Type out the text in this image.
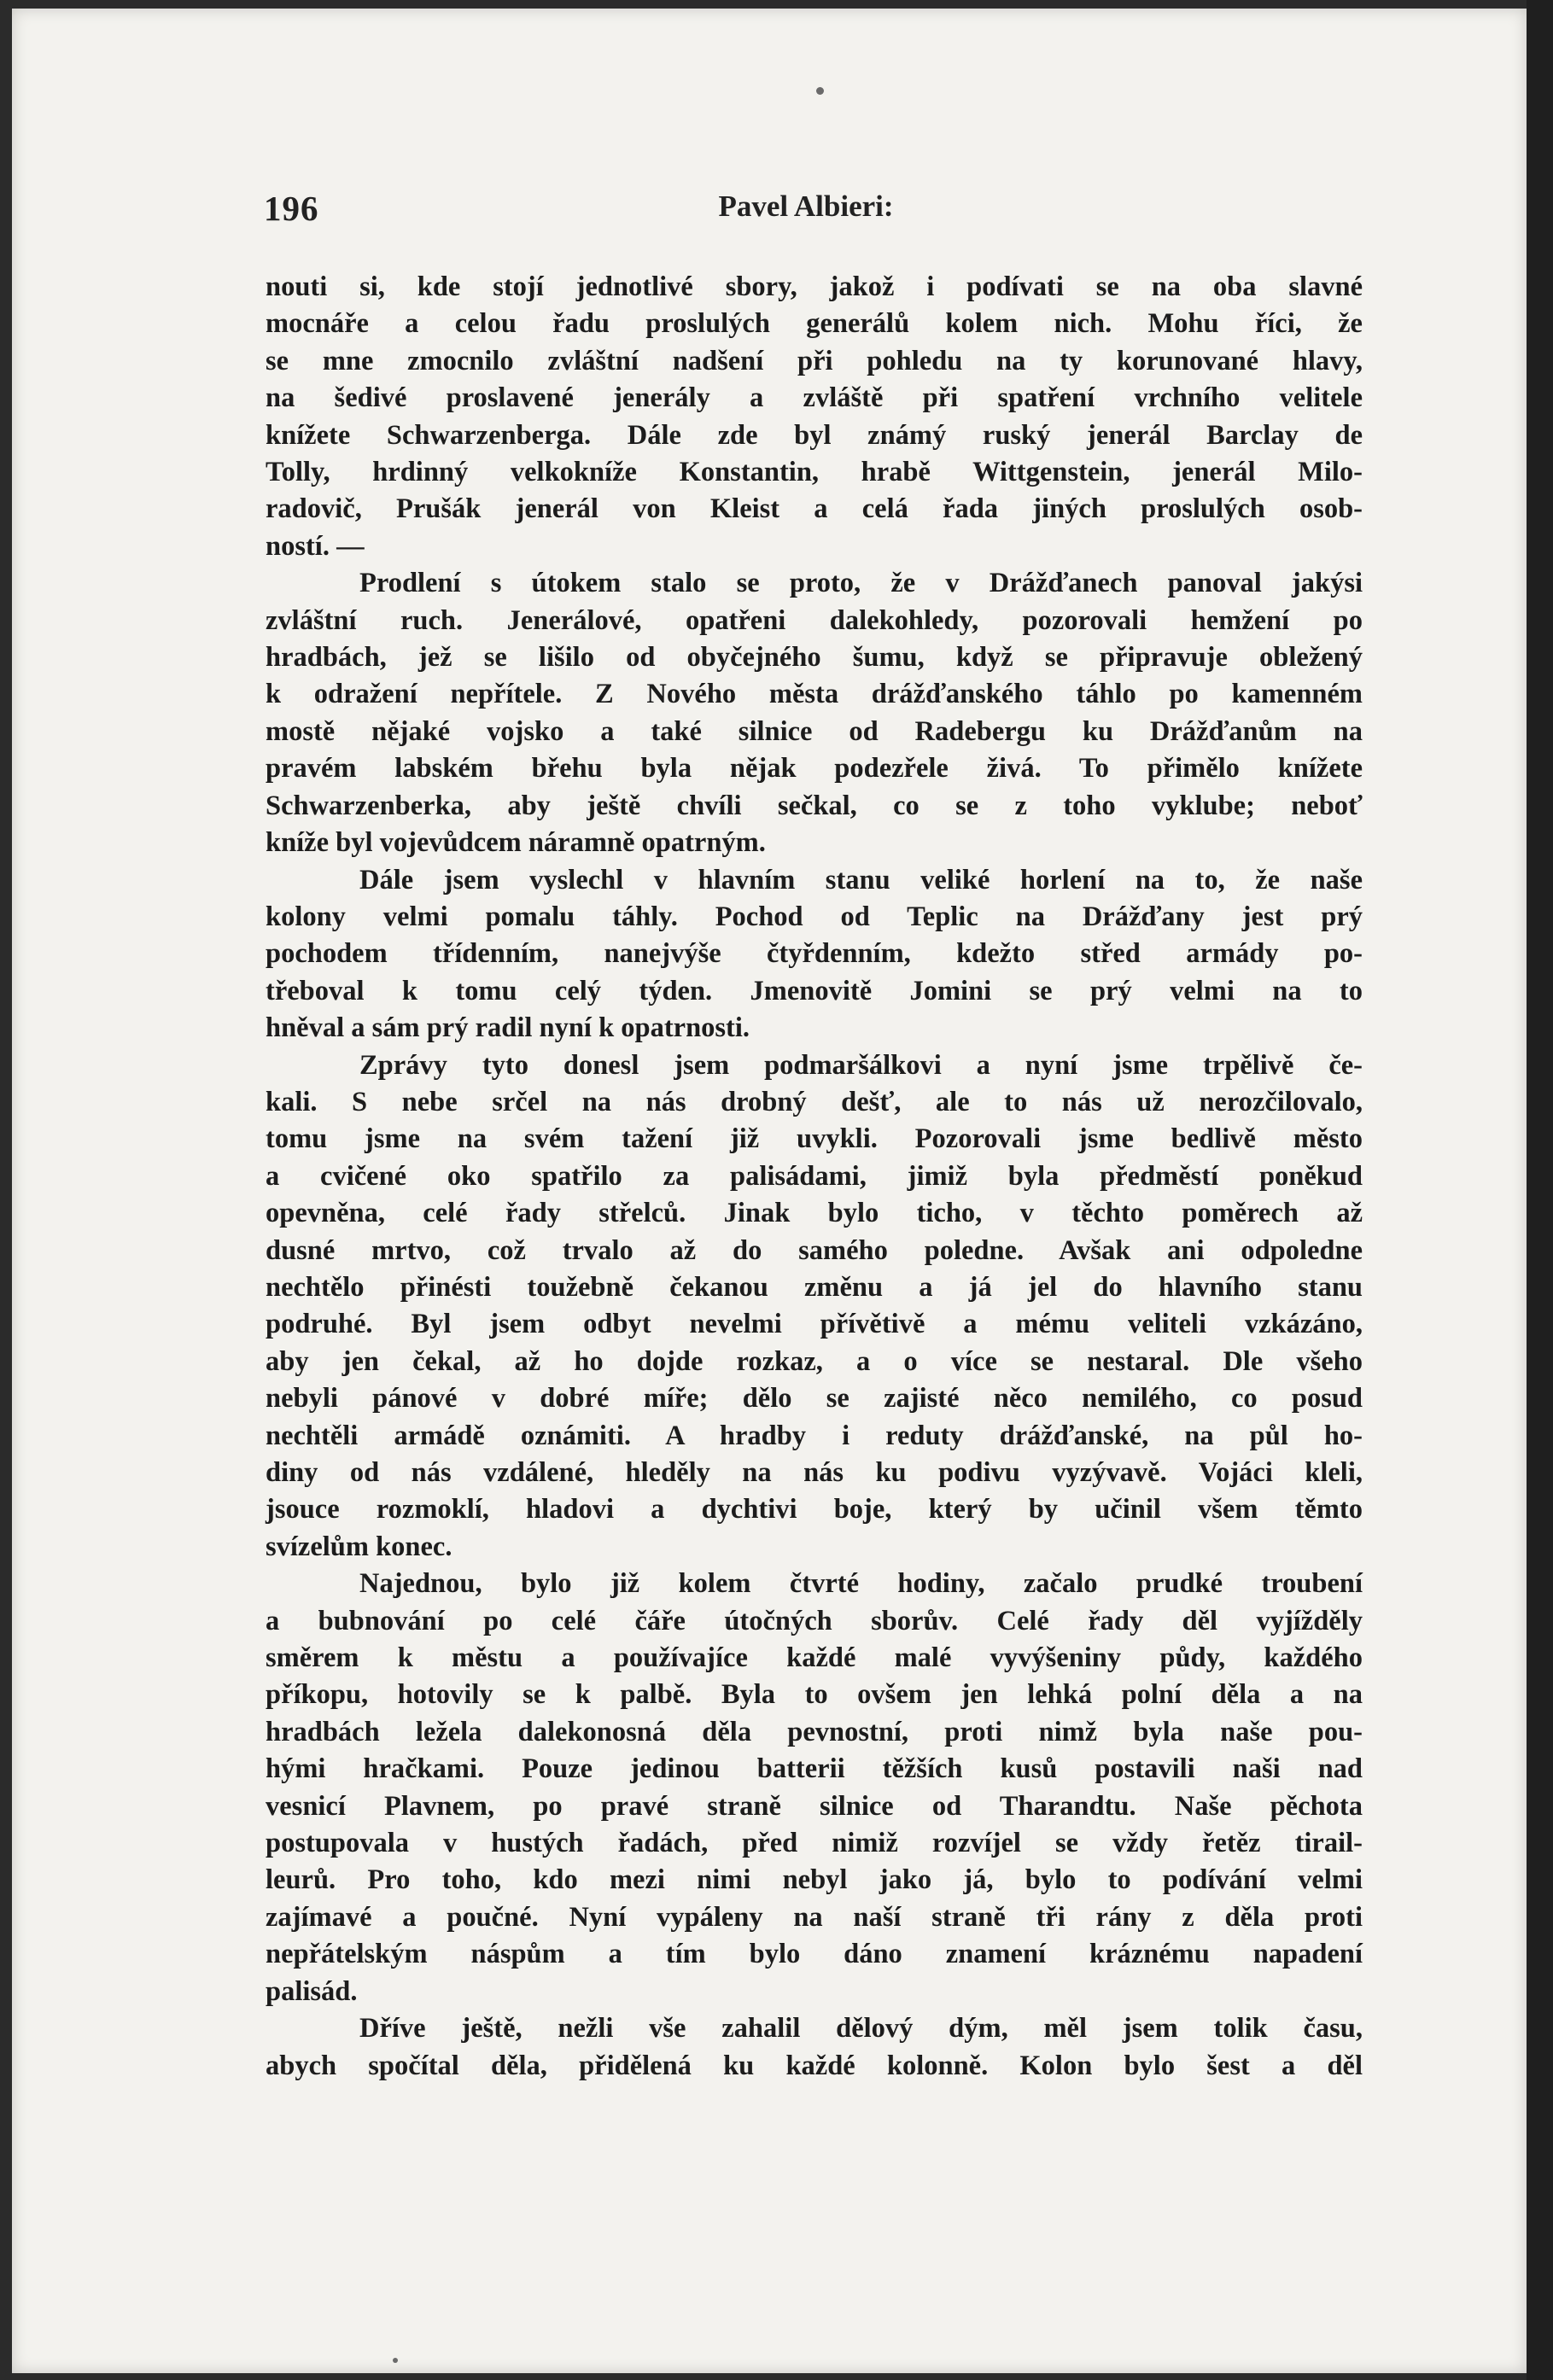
196	Pavel Albieri:

nouti si, kde stojí jednotlivé sbory, jakož i podívati se na oba slavné

mocnáře a celou řadu proslulých generálů kolem nich. Mohu říci, že

se mne zmocnilo zvláštní nadšení při pohledu na ty korunované hlavy,

na šedivé proslavené jenerály a zvláště při spatření vrchního velitele

knížete Schwarzenberga. Dále zde byl známý ruský jenerál Barclay de

Tolly, hrdinný velkokníže Konstantin, hrabě Wittgenstein, jenerál Milo-

radovič, Prušák jenerál von Kleist a celá řada jiných proslulých osob-

ností. —

Prodlení s útokem stalo se proto, že v Drážďanech panoval jakýsi

zvláštní ruch. Jenerálové, opatřeni dalekohledy, pozorovali hemžení po

hradbách, jež se lišilo od obyčejného šumu, když se připravuje obležený

k odražení nepřítele. Z Nového města drážďanského táhlo po kamenném

mostě nějaké vojsko a také silnice od Radebergu ku Drážďanům na

pravém labském břehu byla nějak podezřele živá. To přimělo knížete

Schwarzenberka, aby ještě chvíli sečkal, co se z toho vyklube; neboť

kníže byl vojevůdcem náramně opatrným.

Dále jsem vyslechl v hlavním stanu veliké horlení na to, že naše

kolony velmi pomalu táhly. Pochod od Teplic na Drážďany jest prý

pochodem třídenním, nanejvýše čtyřdenním, kdežto střed armády po-

třeboval k tomu celý týden. Jmenovitě Jomini se prý velmi na to

hněval a sám prý radil nyní k opatrnosti.

Zprávy tyto donesl jsem podmaršálkovi a nyní jsme trpělivě če-

kali. S nebe srčel na nás drobný dešť, ale to nás už nerozčilovalo,

tomu jsme na svém tažení již uvykli. Pozorovali jsme bedlivě město

a cvičené oko spatřilo za palisádami, jimiž byla předměstí poněkud

opevněna, celé řady střelců. Jinak bylo ticho, v těchto poměrech až

dusné mrtvo, což trvalo až do samého poledne. Avšak ani odpoledne

nechtělo přinésti toužebně čekanou změnu a já jel do hlavního stanu

podruhé. Byl jsem odbyt nevelmi přívětivě a mému veliteli vzkázáno,

aby jen čekal, až ho dojde rozkaz, a o více se nestaral. Dle všeho

nebyli pánové v dobré míře; dělo se zajisté něco nemilého, co posud

nechtěli armádě oznámiti. A hradby i reduty drážďanské, na půl ho-

diny od nás vzdálené, hleděly na nás ku podivu vyzývavě. Vojáci kleli,

jsouce rozmoklí, hladovi a dychtivi boje, který by učinil všem těmto

svízelům konec.

Najednou, bylo již kolem čtvrté hodiny, začalo prudké troubení

a bubnování po celé čáře útočných sborův. Celé řady děl vyjížděly

směrem k městu a používajíce každé malé vyvýšeniny půdy, každého

příkopu, hotovily se k palbě. Byla to ovšem jen lehká polní děla a na

hradbách ležela dalekonosná děla pevnostní, proti nimž byla naše pou-

hými hračkami. Pouze jedinou batterii těžších kusů postavili naši nad

vesnicí Plavnem, po pravé straně silnice od Tharandtu. Naše pěchota

postupovala v hustých řadách, před nimiž rozvíjel se vždy řetěz tirail-

leurů. Pro toho, kdo mezi nimi nebyl jako já, bylo to podívání velmi

zajímavé a poučné. Nyní vypáleny na naší straně tři rány z děla proti

nepřátelským náspům a tím bylo dáno znamení kráznému napadení

palisád.

Dříve ještě, nežli vše zahalil dělový dým, měl jsem tolik času,

abych spočítal děla, přidělená ku každé kolonně. Kolon bylo šest a děl
